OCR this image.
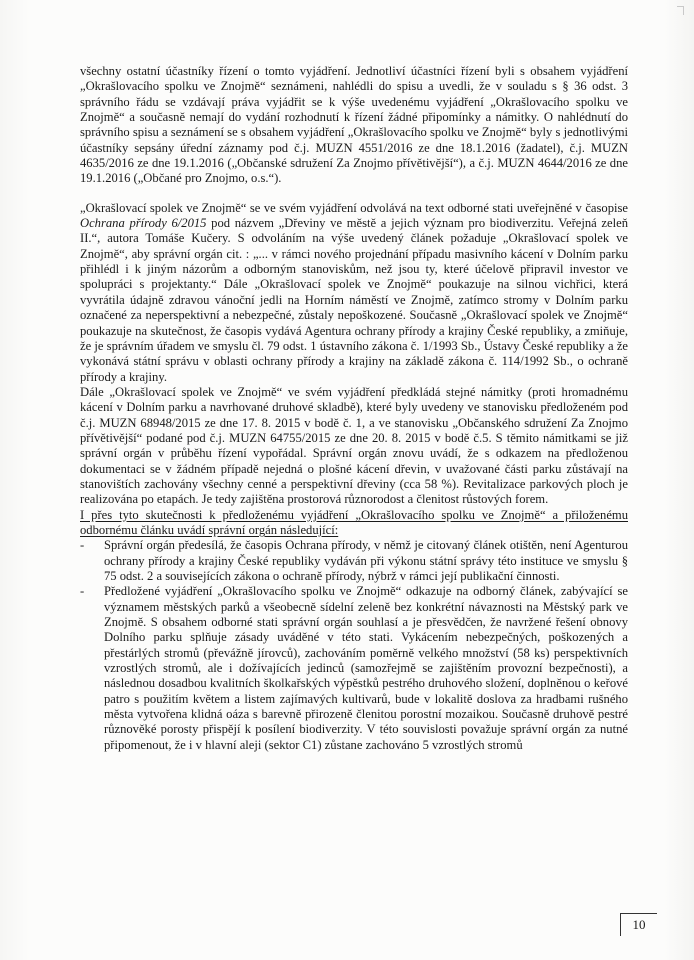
všechny ostatní účastníky řízení o tomto vyjádření. Jednotliví účastníci řízení byli s obsahem vyjádření „Okrašlovacího spolku ve Znojmě“ seznámeni, nahlédli do spisu a uvedli, že v souladu s § 36 odst. 3 správního řádu se vzdávají práva vyjádřit se k výše uvedenému vyjádření „Okrašlovacího spolku ve Znojmě“ a současně nemají do vydání rozhodnutí k řízení žádné připomínky a námitky. O nahlédnutí do správního spisu a seznámení se s obsahem vyjádření „Okrašlovacího spolku ve Znojmě“ byly s jednotlivými účastníky sepsány úřední záznamy pod č.j. MUZN 4551/2016 ze dne 18.1.2016 (žadatel), č.j. MUZN 4635/2016 ze dne 19.1.2016 („Občanské sdružení Za Znojmo přívětivější“), a č.j. MUZN 4644/2016 ze dne 19.1.2016 („Občané pro Znojmo, o.s.“).

„Okrašlovací spolek ve Znojmě“ se ve svém vyjádření odvolává na text odborné stati uveřejněné v časopise Ochrana přírody 6/2015 pod názvem „Dřeviny ve městě a jejich význam pro biodiverzitu. Veřejná zeleň II.“, autora Tomáše Kučery. S odvoláním na výše uvedený článek požaduje „Okrašlovací spolek ve Znojmě“, aby správní orgán cit. : „... v rámci nového projednání případu masivního kácení v Dolním parku přihlédl i k jiným názorům a odborným stanoviskům, než jsou ty, které účelově připravil investor ve spolupráci s projektanty.“ Dále „Okrašlovací spolek ve Znojmě“ poukazuje na silnou vichřici, která vyvrátila údajně zdravou vánoční jedli na Horním náměstí ve Znojmě, zatímco stromy v Dolním parku označené za neperspektivní a nebezpečné, zůstaly nepoškozené. Současně „Okrašlovací spolek ve Znojmě“ poukazuje na skutečnost, že časopis vydává Agentura ochrany přírody a krajiny České republiky, a zmiňuje, že je správním úřadem ve smyslu čl. 79 odst. 1 ústavního zákona č. 1/1993 Sb., Ústavy České republiky a že vykonává státní správu v oblasti ochrany přírody a krajiny na základě zákona č. 114/1992 Sb., o ochraně přírody a krajiny.

Dále „Okrašlovací spolek ve Znojmě“ ve svém vyjádření předkládá stejné námitky (proti hromadnému kácení v Dolním parku a navrhované druhové skladbě), které byly uvedeny ve stanovisku předloženém pod č.j. MUZN 68948/2015 ze dne 17. 8. 2015 v bodě č. 1, a ve stanovisku „Občanského sdružení Za Znojmo přívětivější“ podané pod č.j. MUZN 64755/2015 ze dne 20. 8. 2015 v bodě č.5. S těmito námitkami se již správní orgán v průběhu řízení vypořádal. Správní orgán znovu uvádí, že s odkazem na předloženou dokumentaci se v žádném případě nejedná o plošné kácení dřevin, v uvažované části parku zůstávají na stanovištích zachovány všechny cenné a perspektivní dřeviny (cca 58 %). Revitalizace parkových ploch je realizována po etapách. Je tedy zajištěna prostorová různorodost a členitost růstových forem.

I přes tyto skutečnosti k předloženému vyjádření „Okrašlovacího spolku ve Znojmě“ a přiloženému odbornému článku uvádí správní orgán následující:

- Správní orgán předesílá, že časopis Ochrana přírody, v němž je citovaný článek otištěn, není Agenturou ochrany přírody a krajiny České republiky vydáván při výkonu státní správy této instituce ve smyslu § 75 odst. 2 a souvisejících zákona o ochraně přírody, nýbrž v rámci její publikační činnosti.
- Předložené vyjádření „Okrašlovacího spolku ve Znojmě“ odkazuje na odborný článek, zabývající se významem městských parků a všeobecně sídelní zeleně bez konkrétní návaznosti na Městský park ve Znojmě. S obsahem odborné stati správní orgán souhlasí a je přesvědčen, že navržené řešení obnovy Dolního parku splňuje zásady uváděné v této stati. Vykácením nebezpečných, poškozených a přestárlých stromů (převážně jírovců), zachováním poměrně velkého množství (58 ks) perspektivních vzrostlých stromů, ale i dožívajících jedinců (samozřejmě se zajištěním provozní bezpečnosti), a následnou dosadbou kvalitních školkařských výpěstků pestrého druhového složení, doplněnou o keřové patro s použitím květem a listem zajímavých kultivarů, bude v lokalitě doslova za hradbami rušného města vytvořena klidná oáza s barevně přirozeně členitou porostní mozaikou. Současně druhově pestré různověké porosty přispějí k posílení biodiverzity. V této souvislosti považuje správní orgán za nutné připomenout, že i v hlavní aleji (sektor C1) zůstane zachováno 5 vzrostlých stromů
10
